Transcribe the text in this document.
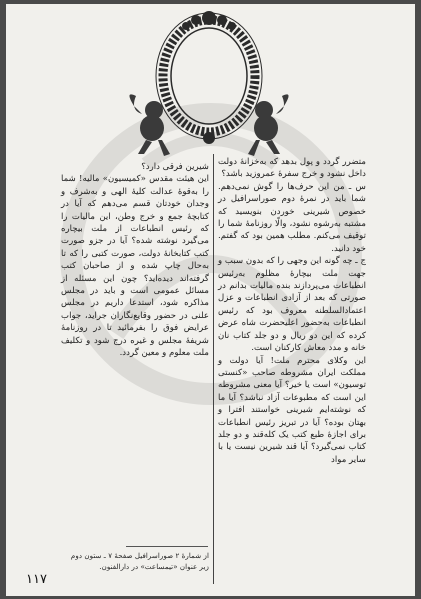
متضرر گردد و پول بدهد که به‌خزانهٔ دولت داخل نشود و خرج سفرهٔ عمروزید باشد؟

س ـ من این حرف‌ها را گوش نمی‌دهم. شما باید در نمرهٔ دوم صوراسرافیل در خصوص شیرینی خوردن بنویسید که مشتبه به‌رشوه نشود، والّا روزنامهٔ شما را توقیف می‌کنم. مطلب همین بود که گفتم. خود دانید.

ج ـ چه گونه این وجهی را که بدون سبب و جهت ملت بیچارهٔ مظلوم به‌رئیس انطباعات می‌پردازند بنده مالیات بدانم در صورتی که بعد از آزادی انطباعات و عزل اعتمادالسلطنه معروف بود که رئیس انطباعات به‌حضور اعلیحضرت شاه عرض کرده که این دو ریال و دو جلد کتاب نان خانه و مدد معاش کارکنان است.

این وکلای محترم ملت! آیا دولت و مملکت ایران مشروطه صاحب «کنستی توسیون» است یا خیر؟ آیا معنی مشروطه این است که مطبوعات آزاد نباشد؟ آیا ما که نوشته‌ایم شیرینی خواستند افترا و بهتان بوده؟ آیا در تبریز رئیس انطباعات برای اجازهٔ طبع کتب یک کله‌قند و دو جلد کتاب نمی‌گیرد؟ آیا قند شیرین نیست یا با سایر مواد

شیرین فرقی دارد؟

این هیئت مقدس «کمیسیون» مالیه! شما را به‌قوهٔ عدالت کلیهٔ الهی و به‌شرف و وجدان خودتان قسم می‌دهم که آیا در کتابچهٔ جمع و خرج وطن، این مالیات را که رئیس انطباعات از ملت بیچاره می‌گیرد نوشته شده؟ آیا در جزو صورت کتب کتابخانهٔ دولت، صورت کتبی را که تا به‌حال چاپ شده و از صاحبان کتب گرفته‌اند دیده‌اید؟ چون این مسئله از مسائل عمومی است و باید در مجلس مذاکره شود، استدعا داریم در مجلس علنی در حضور وقایع‌نگاران جراید، جواب عرایض فوق را بفرمائید تا در روزنامهٔ شریفهٔ مجلس و غیره درج شود و تکلیف ملت معلوم و معین گردد.

از شمارهٔ ۲ صوراسرافیل صفحهٔ ۷ ـ ستون دوم زیر عنوان «تیمساعت» در دارالفنون.
۱۱۷
